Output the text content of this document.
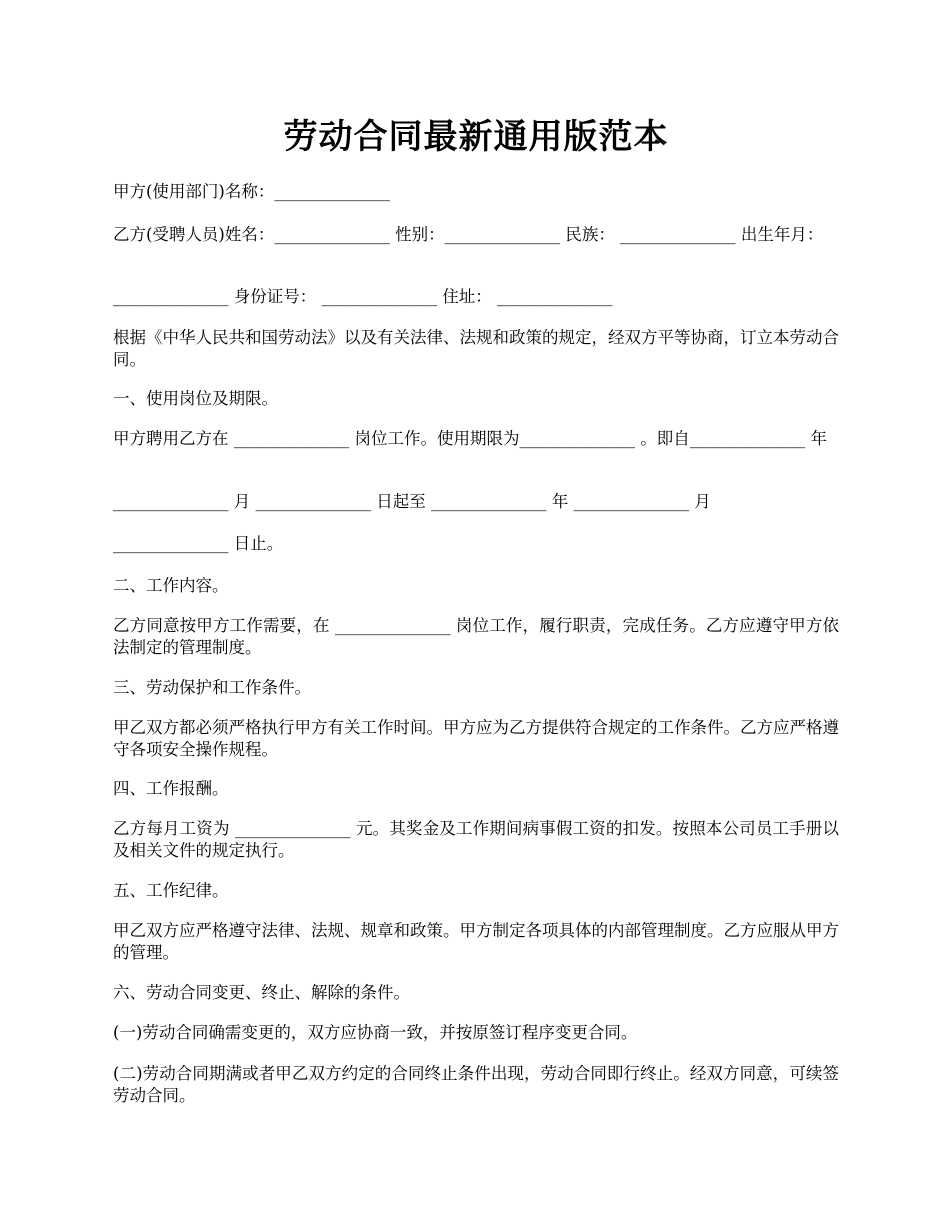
劳动合同最新通用版范本

甲方(使用部门)名称：______________

乙方(受聘人员)姓名：______________ 性别：______________ 民族： ______________ 出生年月：

______________ 身份证号： ______________ 住址： ______________

根据《中华人民共和国劳动法》以及有关法律、法规和政策的规定，经双方平等协商，订立本劳动合同。

一、使用岗位及期限。

甲方聘用乙方在 ______________ 岗位工作。使用期限为______________ 。即自______________ 年

______________ 月 ______________ 日起至 ______________ 年 ______________ 月

______________ 日止。

二、工作内容。

乙方同意按甲方工作需要，在 ______________ 岗位工作，履行职责，完成任务。乙方应遵守甲方依法制定的管理制度。

三、劳动保护和工作条件。

甲乙双方都必须严格执行甲方有关工作时间。甲方应为乙方提供符合规定的工作条件。乙方应严格遵守各项安全操作规程。

四、工作报酬。

乙方每月工资为 ______________ 元。其奖金及工作期间病事假工资的扣发。按照本公司员工手册以及相关文件的规定执行。

五、工作纪律。

甲乙双方应严格遵守法律、法规、规章和政策。甲方制定各项具体的内部管理制度。乙方应服从甲方的管理。

六、劳动合同变更、终止、解除的条件。

(一)劳动合同确需变更的，双方应协商一致，并按原签订程序变更合同。

(二)劳动合同期满或者甲乙双方约定的合同终止条件出现，劳动合同即行终止。经双方同意，可续签劳动合同。
